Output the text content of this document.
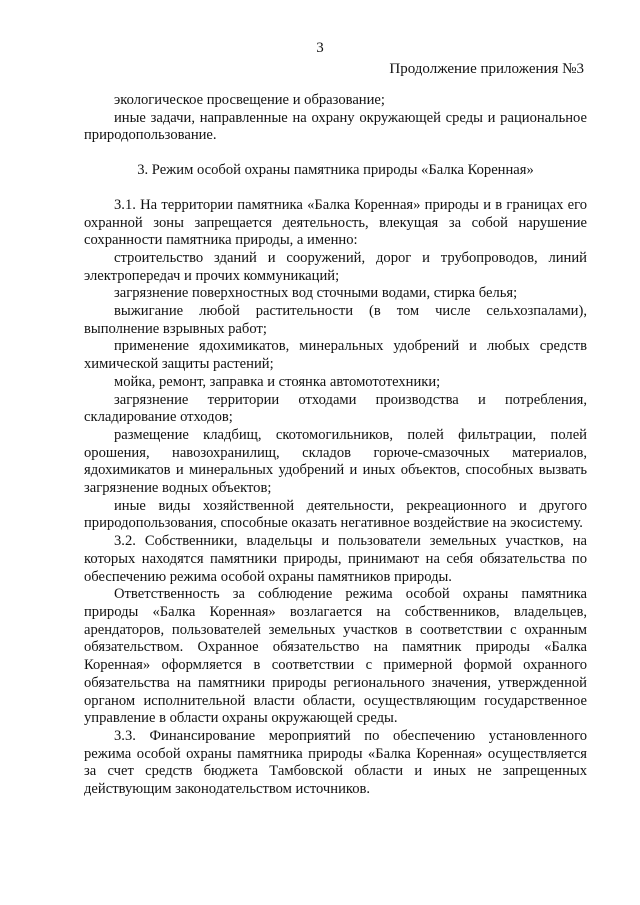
3
Продолжение приложения №3

экологическое просвещение и образование;

иные задачи, направленные на охрану окружающей среды и рациональное природопользование.

3. Режим особой охраны памятника природы «Балка Коренная»

3.1. На территории памятника «Балка Коренная» природы и в границах его охранной зоны запрещается деятельность, влекущая за собой нарушение сохранности памятника природы, а именно:

строительство зданий и сооружений, дорог и трубопроводов, линий электропередач и прочих коммуникаций;

загрязнение поверхностных вод сточными водами, стирка белья;

выжигание любой растительности (в том числе сельхозпалами), выполнение взрывных работ;

применение ядохимикатов, минеральных удобрений и любых средств химической защиты растений;

мойка, ремонт, заправка и стоянка автомототехники;

загрязнение территории отходами производства и потребления, складирование отходов;

размещение кладбищ, скотомогильников, полей фильтрации, полей орошения, навозохранилищ, складов горюче-смазочных материалов, ядохимикатов и минеральных удобрений и иных объектов, способных вызвать загрязнение водных объектов;

иные виды хозяйственной деятельности, рекреационного и другого природопользования, способные оказать негативное воздействие на экосистему.

3.2. Собственники, владельцы и пользователи земельных участков, на которых находятся памятники природы, принимают на себя обязательства по обеспечению режима особой охраны памятников природы.

Ответственность за соблюдение режима особой охраны памятника природы «Балка Коренная» возлагается на собственников, владельцев, арендаторов, пользователей земельных участков в соответствии с охранным обязательством. Охранное обязательство на памятник природы «Балка Коренная» оформляется в соответствии с примерной формой охранного обязательства на памятники природы регионального значения, утвержденной органом исполнительной власти области, осуществляющим государственное управление в области охраны окружающей среды.

3.3. Финансирование мероприятий по обеспечению установленного режима особой охраны памятника природы «Балка Коренная» осуществляется за счет средств бюджета Тамбовской области и иных не запрещенных действующим законодательством источников.
